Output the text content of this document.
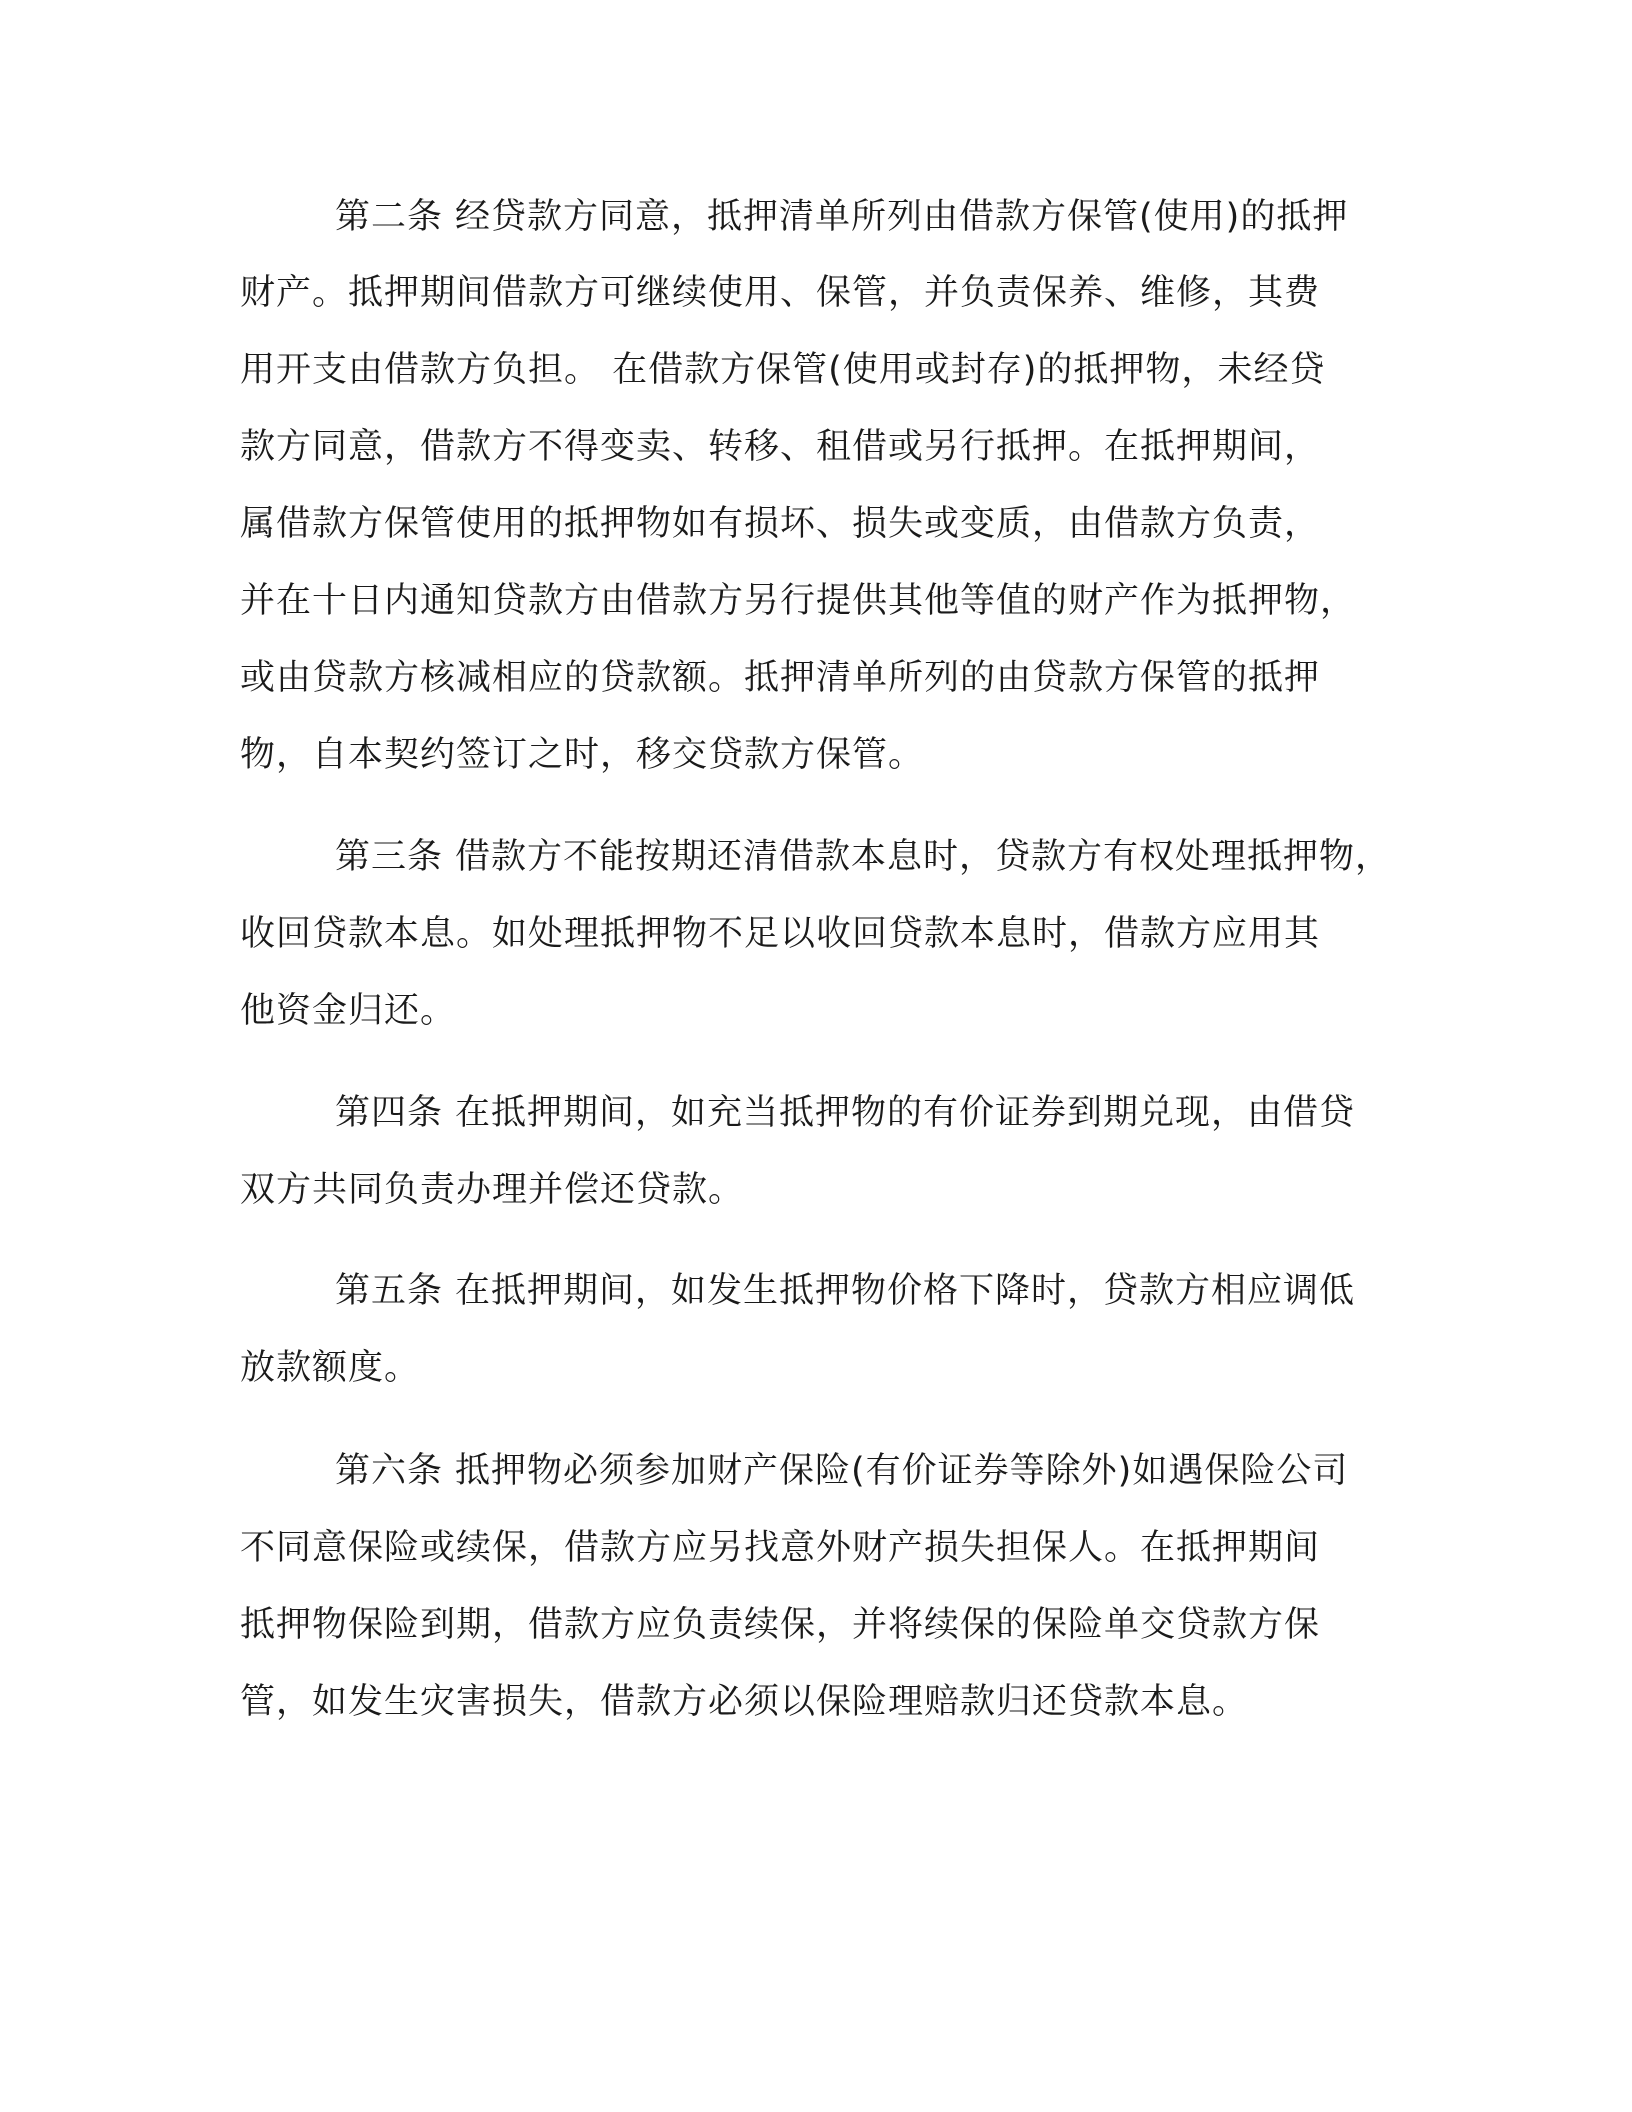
第二条 经贷款方同意，抵押清单所列由借款方保管(使用)的抵押
财产。抵押期间借款方可继续使用、保管，并负责保养、维修，其费
用开支由借款方负担。 在借款方保管(使用或封存)的抵押物，未经贷
款方同意，借款方不得变卖、转移、租借或另行抵押。在抵押期间，
属借款方保管使用的抵押物如有损坏、损失或变质，由借款方负责，
并在十日内通知贷款方由借款方另行提供其他等值的财产作为抵押物，
或由贷款方核减相应的贷款额。抵押清单所列的由贷款方保管的抵押
物，自本契约签订之时，移交贷款方保管。
第三条 借款方不能按期还清借款本息时，贷款方有权处理抵押物，
收回贷款本息。如处理抵押物不足以收回贷款本息时，借款方应用其
他资金归还。
第四条 在抵押期间，如充当抵押物的有价证券到期兑现，由借贷
双方共同负责办理并偿还贷款。
第五条 在抵押期间，如发生抵押物价格下降时，贷款方相应调低
放款额度。
第六条 抵押物必须参加财产保险(有价证券等除外)如遇保险公司
不同意保险或续保，借款方应另找意外财产损失担保人。在抵押期间
抵押物保险到期，借款方应负责续保，并将续保的保险单交贷款方保
管，如发生灾害损失，借款方必须以保险理赔款归还贷款本息。
